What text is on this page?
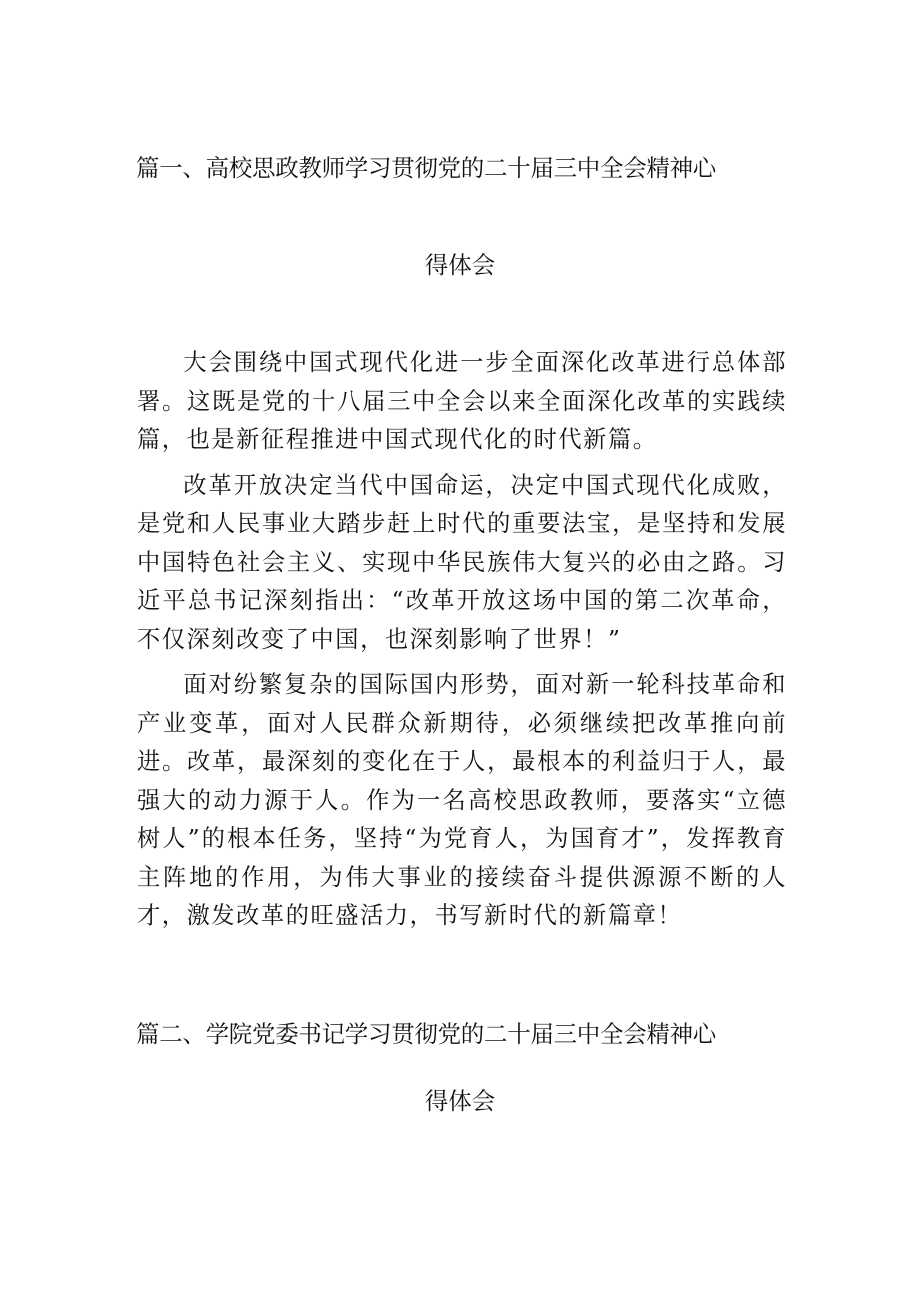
篇一、高校思政教师学习贯彻党的二十届三中全会精神心
得体会

大会围绕中国式现代化进一步全面深化改革进行总体部署。这既是党的十八届三中全会以来全面深化改革的实践续篇，也是新征程推进中国式现代化的时代新篇。

改革开放决定当代中国命运，决定中国式现代化成败，是党和人民事业大踏步赶上时代的重要法宝，是坚持和发展中国特色社会主义、实现中华民族伟大复兴的必由之路。习近平总书记深刻指出：“改革开放这场中国的第二次革命，不仅深刻改变了中国，也深刻影响了世界！”

面对纷繁复杂的国际国内形势，面对新一轮科技革命和产业变革，面对人民群众新期待，必须继续把改革推向前进。改革，最深刻的变化在于人，最根本的利益归于人，最强大的动力源于人。作为一名高校思政教师，要落实“立德树人”的根本任务，坚持“为党育人，为国育才”，发挥教育主阵地的作用，为伟大事业的接续奋斗提供源源不断的人才，激发改革的旺盛活力，书写新时代的新篇章！

篇二、学院党委书记学习贯彻党的二十届三中全会精神心
得体会
